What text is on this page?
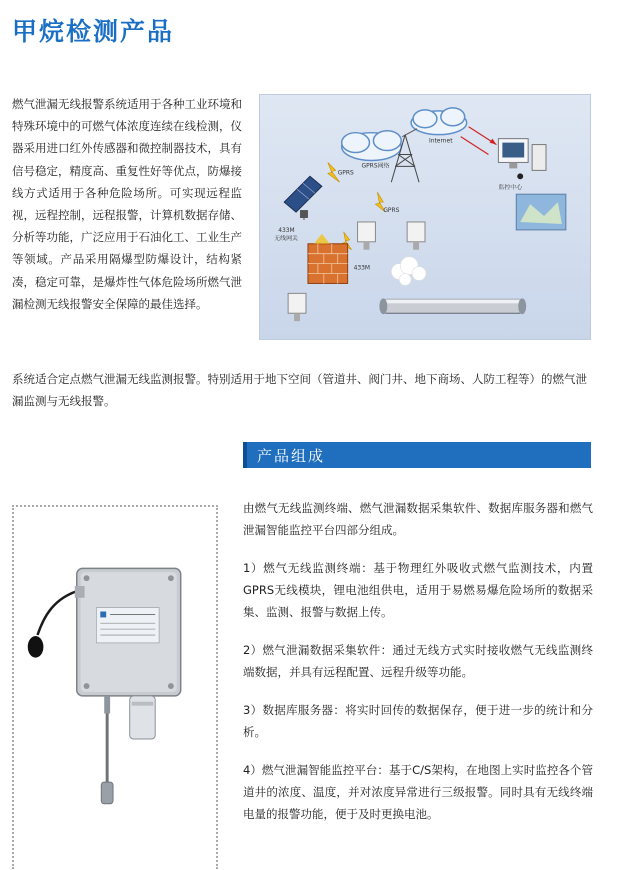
甲烷检测产品
燃气泄漏无线报警系统适用于各种工业环境和特殊环境中的可燃气体浓度连续在线检测，仪器采用进口红外传感器和微控制器技术，具有信号稳定，精度高、重复性好等优点，防爆接线方式适用于各种危险场所。可实现远程监视，远程控制，远程报警，计算机数据存储、分析等功能，广泛应用于石油化工、工业生产等领域。产品采用隔爆型防爆设计，结构紧凑，稳定可靠，是爆炸性气体危险场所燃气泄漏检测无线报警安全保障的最佳选择。
GPRS网络
Internet
监控中心
GPRS
GPRS
433M
无线网关
433M
系统适合定点燃气泄漏无线监测报警。特别适用于地下空间（管道井、阀门井、地下商场、人防工程等）的燃气泄漏监测与无线报警。
产品组成

由燃气无线监测终端、燃气泄漏数据采集软件、数据库服务器和燃气泄漏智能监控平台四部分组成。

1）燃气无线监测终端：基于物理红外吸收式燃气监测技术，内置GPRS无线模块，锂电池组供电，适用于易燃易爆危险场所的数据采集、监测、报警与数据上传。

2）燃气泄漏数据采集软件：通过无线方式实时接收燃气无线监测终端数据，并具有远程配置、远程升级等功能。

3）数据库服务器：将实时回传的数据保存，便于进一步的统计和分析。

4）燃气泄漏智能监控平台：基于C/S架构，在地图上实时监控各个管道井的浓度、温度，并对浓度异常进行三级报警。同时具有无线终端电量的报警功能，便于及时更换电池。
